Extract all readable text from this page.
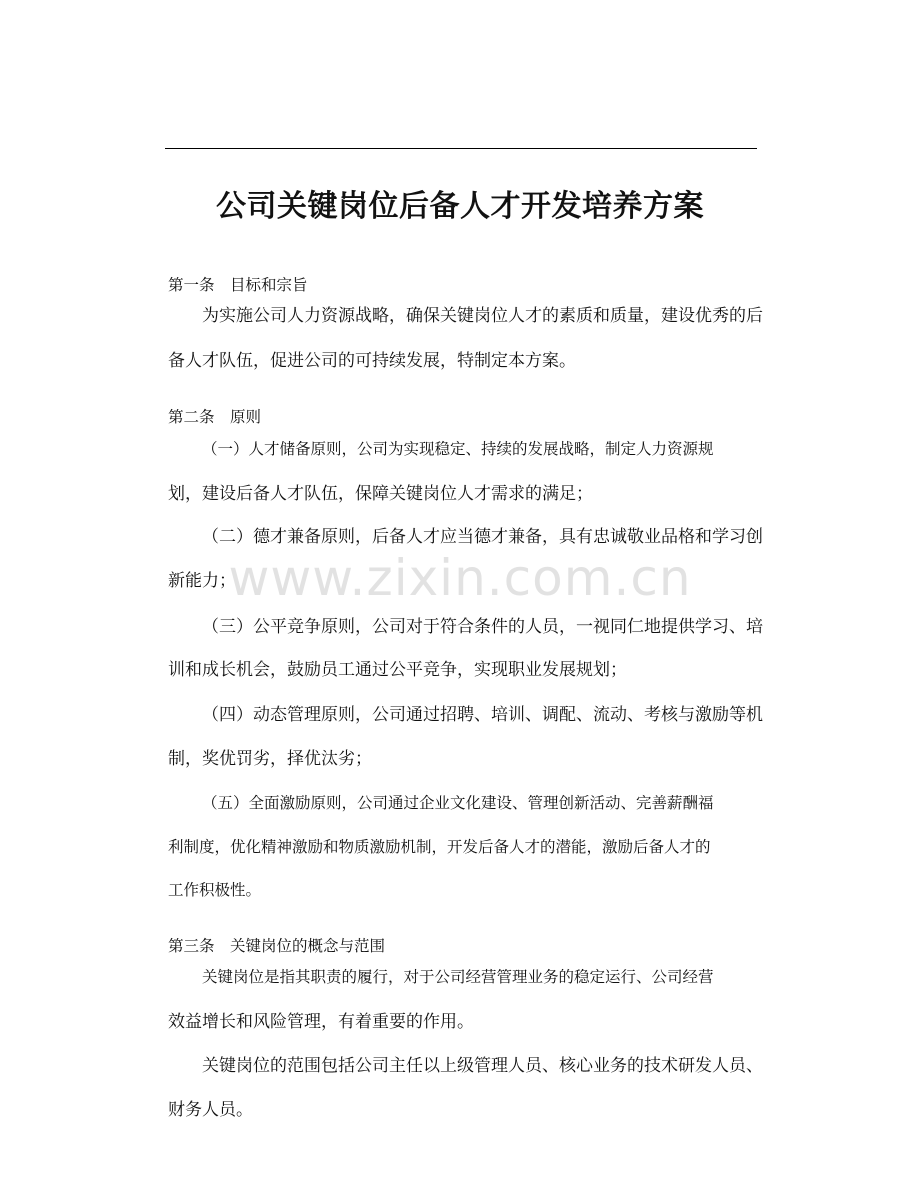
公司关键岗位后备人才开发培养方案
www.zixin.com.cn

第一条　目标和宗旨

为实施公司人力资源战略，确保关键岗位人才的素质和质量，建设优秀的后

备人才队伍，促进公司的可持续发展，特制定本方案。

第二条　原则

（一）人才储备原则，公司为实现稳定、持续的发展战略，制定人力资源规

划，建设后备人才队伍，保障关键岗位人才需求的满足；

（二）德才兼备原则，后备人才应当德才兼备，具有忠诚敬业品格和学习创

新能力；

（三）公平竞争原则，公司对于符合条件的人员，一视同仁地提供学习、培

训和成长机会，鼓励员工通过公平竞争，实现职业发展规划；

（四）动态管理原则，公司通过招聘、培训、调配、流动、考核与激励等机

制，奖优罚劣，择优汰劣；

（五）全面激励原则，公司通过企业文化建设、管理创新活动、完善薪酬福

利制度，优化精神激励和物质激励机制，开发后备人才的潜能，激励后备人才的

工作积极性。

第三条　关键岗位的概念与范围

关键岗位是指其职责的履行，对于公司经营管理业务的稳定运行、公司经营

效益增长和风险管理，有着重要的作用。

关键岗位的范围包括公司主任以上级管理人员、核心业务的技术研发人员、

财务人员。
